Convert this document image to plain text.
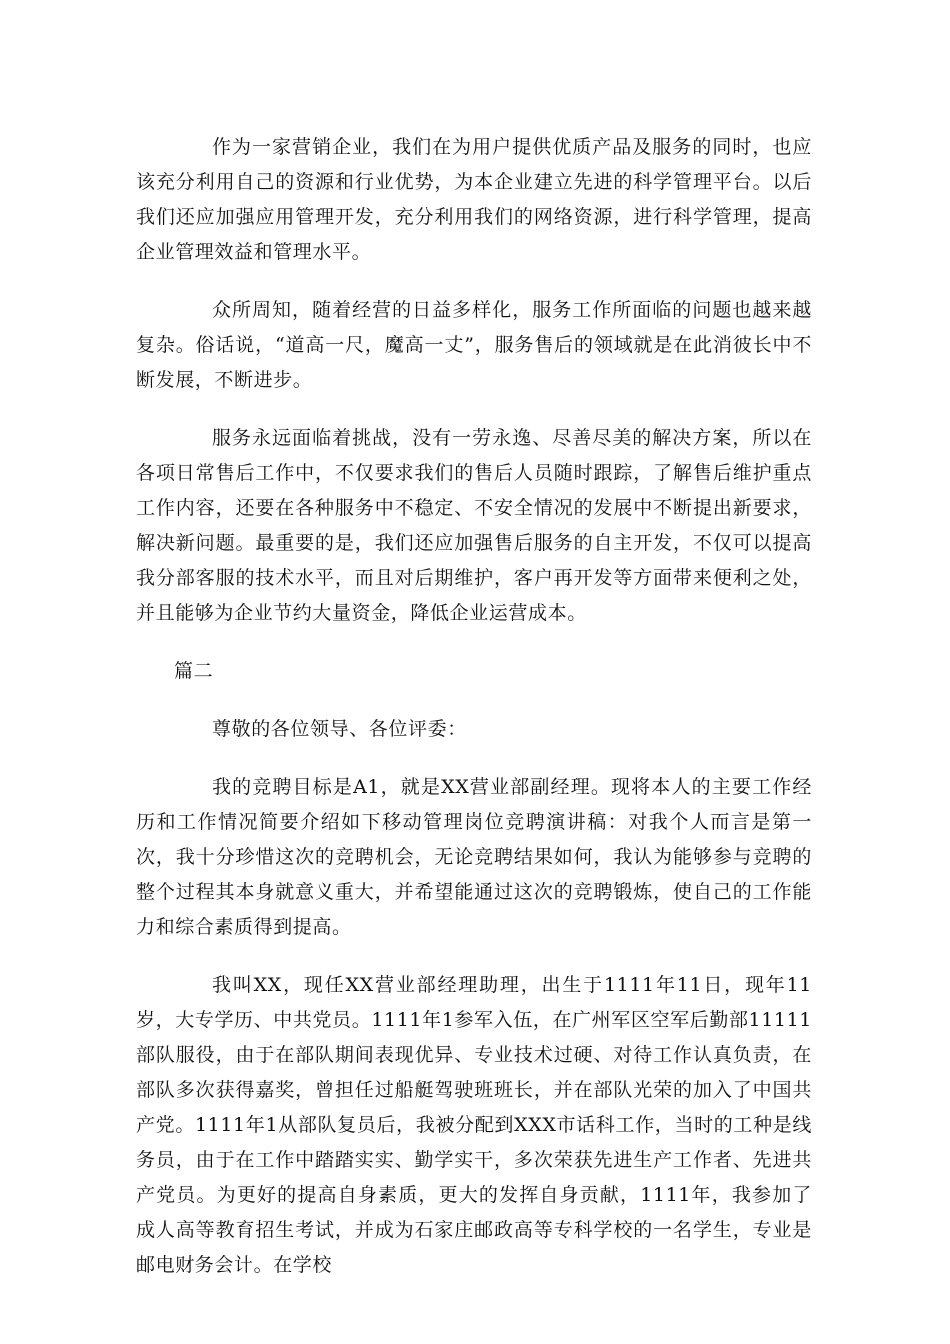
作为一家营销企业，我们在为用户提供优质产品及服务的同时，也应该充分利用自己的资源和行业优势，为本企业建立先进的科学管理平台。以后我们还应加强应用管理开发，充分利用我们的网络资源，进行科学管理，提高企业管理效益和管理水平。

众所周知，随着经营的日益多样化，服务工作所面临的问题也越来越复杂。俗话说，“道高一尺，魔高一丈”，服务售后的领域就是在此消彼长中不断发展，不断进步。

服务永远面临着挑战，没有一劳永逸、尽善尽美的解决方案，所以在各项日常售后工作中，不仅要求我们的售后人员随时跟踪，了解售后维护重点工作内容，还要在各种服务中不稳定、不安全情况的发展中不断提出新要求，解决新问题。最重要的是，我们还应加强售后服务的自主开发，不仅可以提高我分部客服的技术水平，而且对后期维护，客户再开发等方面带来便利之处，并且能够为企业节约大量资金，降低企业运营成本。

篇二

尊敬的各位领导、各位评委：

我的竞聘目标是A1，就是XX营业部副经理。现将本人的主要工作经历和工作情况简要介绍如下移动管理岗位竞聘演讲稿：对我个人而言是第一次，我十分珍惜这次的竞聘机会，无论竞聘结果如何，我认为能够参与竞聘的整个过程其本身就意义重大，并希望能通过这次的竞聘锻炼，使自己的工作能力和综合素质得到提高。

我叫XX，现任XX营业部经理助理，出生于1111年11日，现年11岁，大专学历、中共党员。1111年1参军入伍，在广州军区空军后勤部11111部队服役，由于在部队期间表现优异、专业技术过硬、对待工作认真负责，在部队多次获得嘉奖，曾担任过船艇驾驶班班长，并在部队光荣的加入了中国共产党。1111年1从部队复员后，我被分配到XXX市话科工作，当时的工种是线务员，由于在工作中踏踏实实、勤学实干，多次荣获先进生产工作者、先进共产党员。为更好的提高自身素质，更大的发挥自身贡献，1111年，我参加了成人高等教育招生考试，并成为石家庄邮政高等专科学校的一名学生，专业是邮电财务会计。在学校
